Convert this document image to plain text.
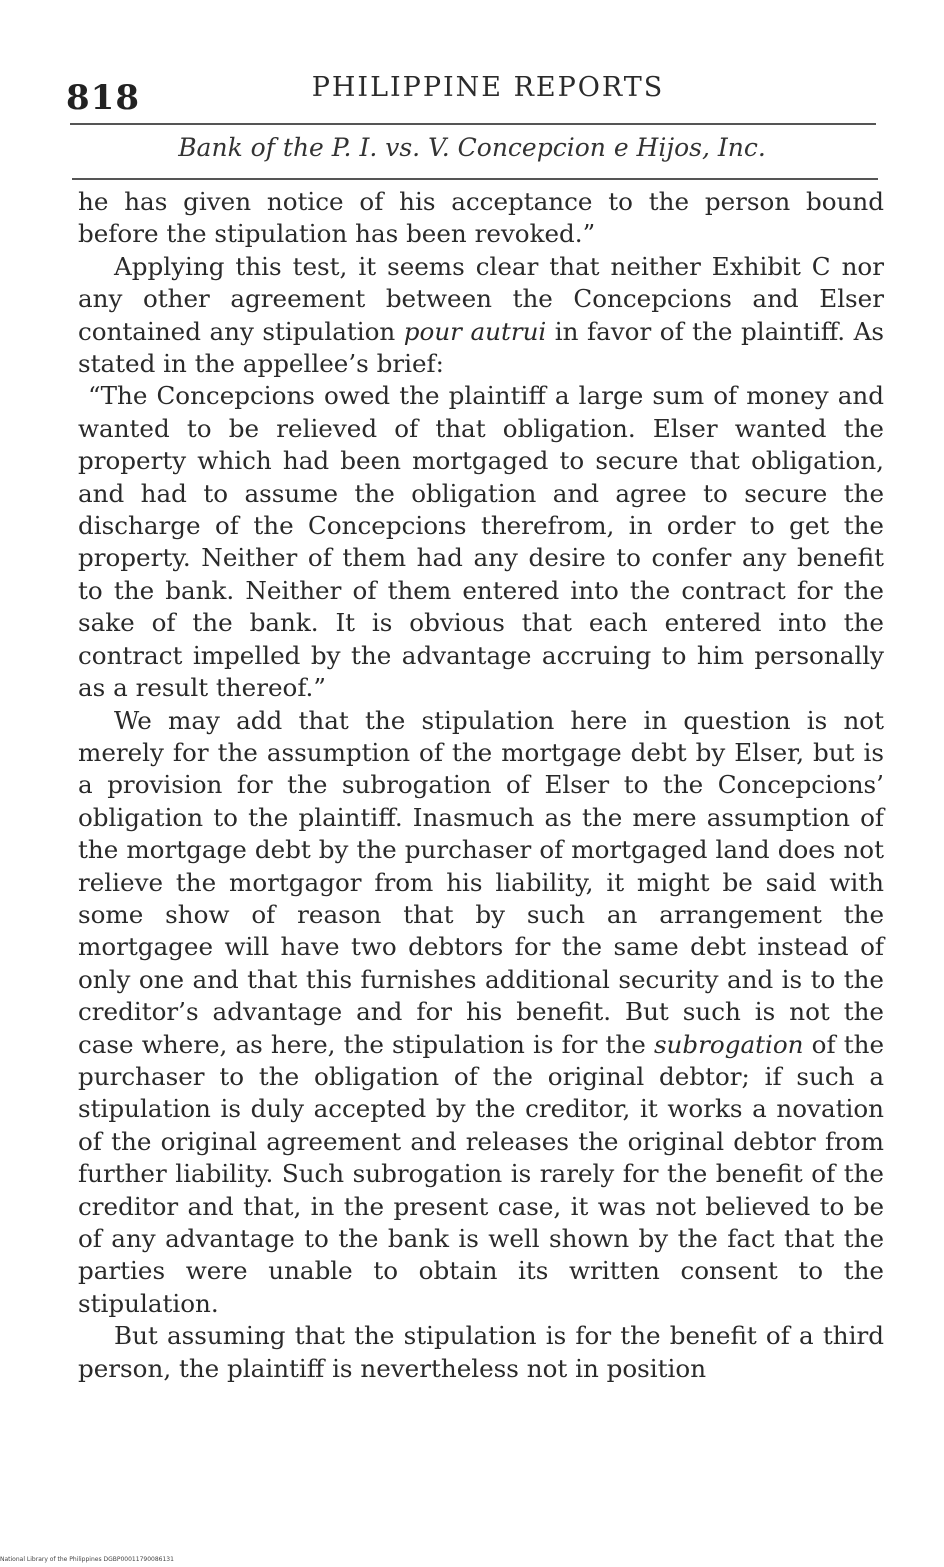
818	PHILIPPINE REPORTS
Bank of the P. I. vs. V. Concepcion e Hijos, Inc.

he has given notice of his acceptance to the person bound before the stipulation has been revoked.”

Applying this test, it seems clear that neither Exhibit C nor any other agreement between the Concepcions and Elser contained any stipulation pour autrui in favor of the plaintiff. As stated in the appellee’s brief:

“The Concepcions owed the plaintiff a large sum of money and wanted to be relieved of that obligation. Elser wanted the property which had been mortgaged to secure that obligation, and had to assume the obligation and agree to secure the discharge of the Concepcions therefrom, in order to get the property. Neither of them had any desire to confer any benefit to the bank. Neither of them entered into the contract for the sake of the bank. It is obvious that each entered into the contract impelled by the advantage accruing to him personally as a result thereof.”

We may add that the stipulation here in question is not merely for the assumption of the mortgage debt by Elser, but is a provision for the subrogation of Elser to the Concepcions’ obligation to the plaintiff. Inasmuch as the mere assumption of the mortgage debt by the purchaser of mortgaged land does not relieve the mortgagor from his liability, it might be said with some show of reason that by such an arrangement the mortgagee will have two debtors for the same debt instead of only one and that this furnishes additional security and is to the creditor’s advantage and for his benefit. But such is not the case where, as here, the stipulation is for the subrogation of the purchaser to the obligation of the original debtor; if such a stipulation is duly accepted by the creditor, it works a novation of the original agreement and releases the original debtor from further liability. Such subrogation is rarely for the benefit of the creditor and that, in the present case, it was not believed to be of any advantage to the bank is well shown by the fact that the parties were unable to obtain its written consent to the stipulation.

But assuming that the stipulation is for the benefit of a third person, the plaintiff is nevertheless not in position

National Library of the Philippines DGBP00011790086131
